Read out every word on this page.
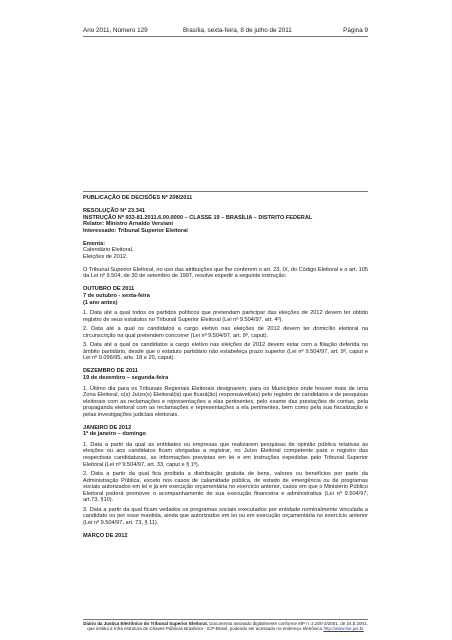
Ano 2011, Número 129	Brasília, sexta-feira, 8 de julho de 2011	Página 9

PUBLICAÇÃO DE DECISÕES Nº 208/2011

RESOLUÇÃO Nº 23.341

INSTRUÇÃO Nº 933-81.2011.6.00.0000 – CLASSE 19 – BRASÍLIA – DISTRITO FEDERAL

Relator: Ministro Arnaldo Versiani

Interessado: Tribunal Superior Eleitoral

Ementa:

Calendário Eleitoral.

Eleições de 2012.

O Tribunal Superior Eleitoral, no uso das atribuições que lhe conferem o art. 23, IX, do Código Eleitoral e o art. 105 da Lei nº 9.504, de 30 de setembro de 1997, resolve expedir a seguinte instrução:

OUTUBRO DE 2011

7 de outubro - sexta-feira

(1 ano antes)

1. Data até a qual todos os partidos políticos que pretendam participar das eleições de 2012 devem ter obtido registro de seus estatutos no Tribunal Superior Eleitoral (Lei nº 9.504/97, art. 4º).

2. Data até a qual os candidatos a cargo eletivo nas eleições de 2012 devem ter domicílio eleitoral na circunscrição na qual pretendem concorrer (Lei nº 9.504/97, art. 9º, caput).

3. Data até a qual os candidatos a cargo eletivo nas eleições de 2012 devem estar com a filiação deferida no âmbito partidário, desde que o estatuto partidário não estabeleça prazo superior (Lei nº 9.504/97, art. 9º, caput e Lei nº 9.096/95, arts. 18 e 20, caput).

DEZEMBRO DE 2011

19 de dezembro – segunda-feira

1. Último dia para os Tribunais Regionais Eleitorais designarem, para os Municípios onde houver mais de uma Zona Eleitoral, o(s) Juízo(s) Eleitoral(is) que ficará(ão) responsável(eis) pelo registro de candidatos e de pesquisas eleitorais com as reclamações e representações a elas pertinentes, pelo exame das prestações de contas, pela propaganda eleitoral com as reclamações e representações a ela pertinentes, bem como pela sua fiscalização e pelas investigações judiciais eleitorais.

JANEIRO DE 2012

1º de janeiro – domingo

1. Data a partir da qual as entidades ou empresas que realizarem pesquisas de opinião pública relativas às eleições ou aos candidatos ficam obrigadas a registrar, no Juízo Eleitoral competente para o registro das respectivas candidaturas, as informações previstas em lei e em instruções expedidas pelo Tribunal Superior Eleitoral (Lei nº 9.504/97, art. 33, caput e § 1º).

2. Data a partir da qual fica proibida a distribuição gratuita de bens, valores ou benefícios por parte da Administração Pública, exceto nos casos de calamidade pública, de estado de emergência ou de programas sociais autorizados em lei e já em execução orçamentária no exercício anterior, casos em que o Ministério Público Eleitoral poderá promover o acompanhamento de sua execução financeira e administrativa (Lei nº 9.504/97, art.73, §10).

3. Data a partir da qual ficam vedados os programas sociais executados por entidade nominalmente vinculada a candidato ou por esse mantida, ainda que autorizados em lei ou em execução orçamentária no exercício anterior (Lei nº 9.504/97, art. 73, § 11).

MARÇO DE 2012

Diário da Justiça Eletrônico do Tribunal Superior Eleitoral. Documento assinado digitalmente conforme MP n. 2.200-2/2001, de 24.8.2001, que institui a Infra estrutura de Chaves Públicas Brasileira - ICP-Brasil, podendo ser acessado no endereço eletrônico http://www.tse.jus.br
